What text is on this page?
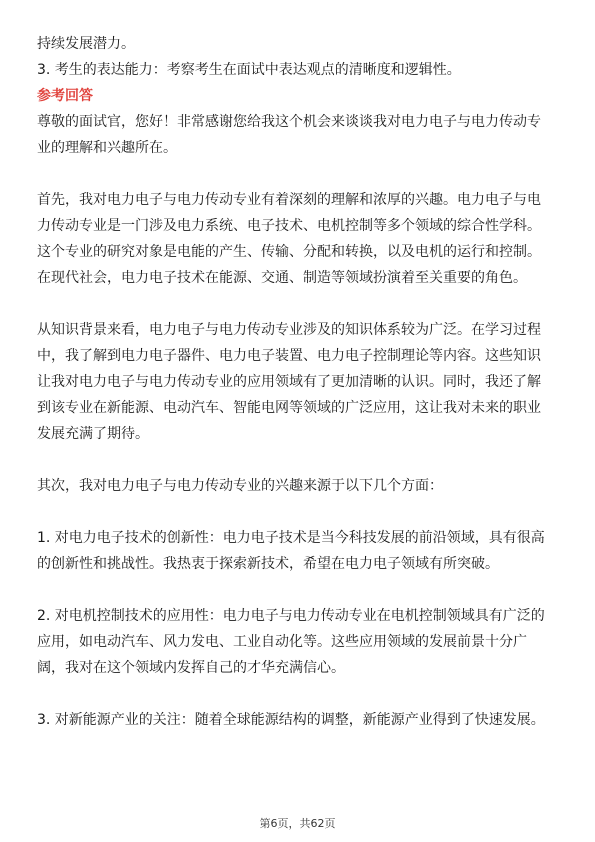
持续发展潜力。
3. 考生的表达能力：考察考生在面试中表达观点的清晰度和逻辑性。
参考回答
尊敬的面试官，您好！非常感谢您给我这个机会来谈谈我对电力电子与电力传动专
业的理解和兴趣所在。
首先，我对电力电子与电力传动专业有着深刻的理解和浓厚的兴趣。电力电子与电
力传动专业是一门涉及电力系统、电子技术、电机控制等多个领域的综合性学科。
这个专业的研究对象是电能的产生、传输、分配和转换，以及电机的运行和控制。
在现代社会，电力电子技术在能源、交通、制造等领域扮演着至关重要的角色。
从知识背景来看，电力电子与电力传动专业涉及的知识体系较为广泛。在学习过程
中，我了解到电力电子器件、电力电子装置、电力电子控制理论等内容。这些知识
让我对电力电子与电力传动专业的应用领域有了更加清晰的认识。同时，我还了解
到该专业在新能源、电动汽车、智能电网等领域的广泛应用，这让我对未来的职业
发展充满了期待。
其次，我对电力电子与电力传动专业的兴趣来源于以下几个方面：
1. 对电力电子技术的创新性：电力电子技术是当今科技发展的前沿领域，具有很高
的创新性和挑战性。我热衷于探索新技术，希望在电力电子领域有所突破。
2. 对电机控制技术的应用性：电力电子与电力传动专业在电机控制领域具有广泛的
应用，如电动汽车、风力发电、工业自动化等。这些应用领域的发展前景十分广
阔，我对在这个领域内发挥自己的才华充满信心。
3. 对新能源产业的关注：随着全球能源结构的调整，新能源产业得到了快速发展。
第6页，共62页
